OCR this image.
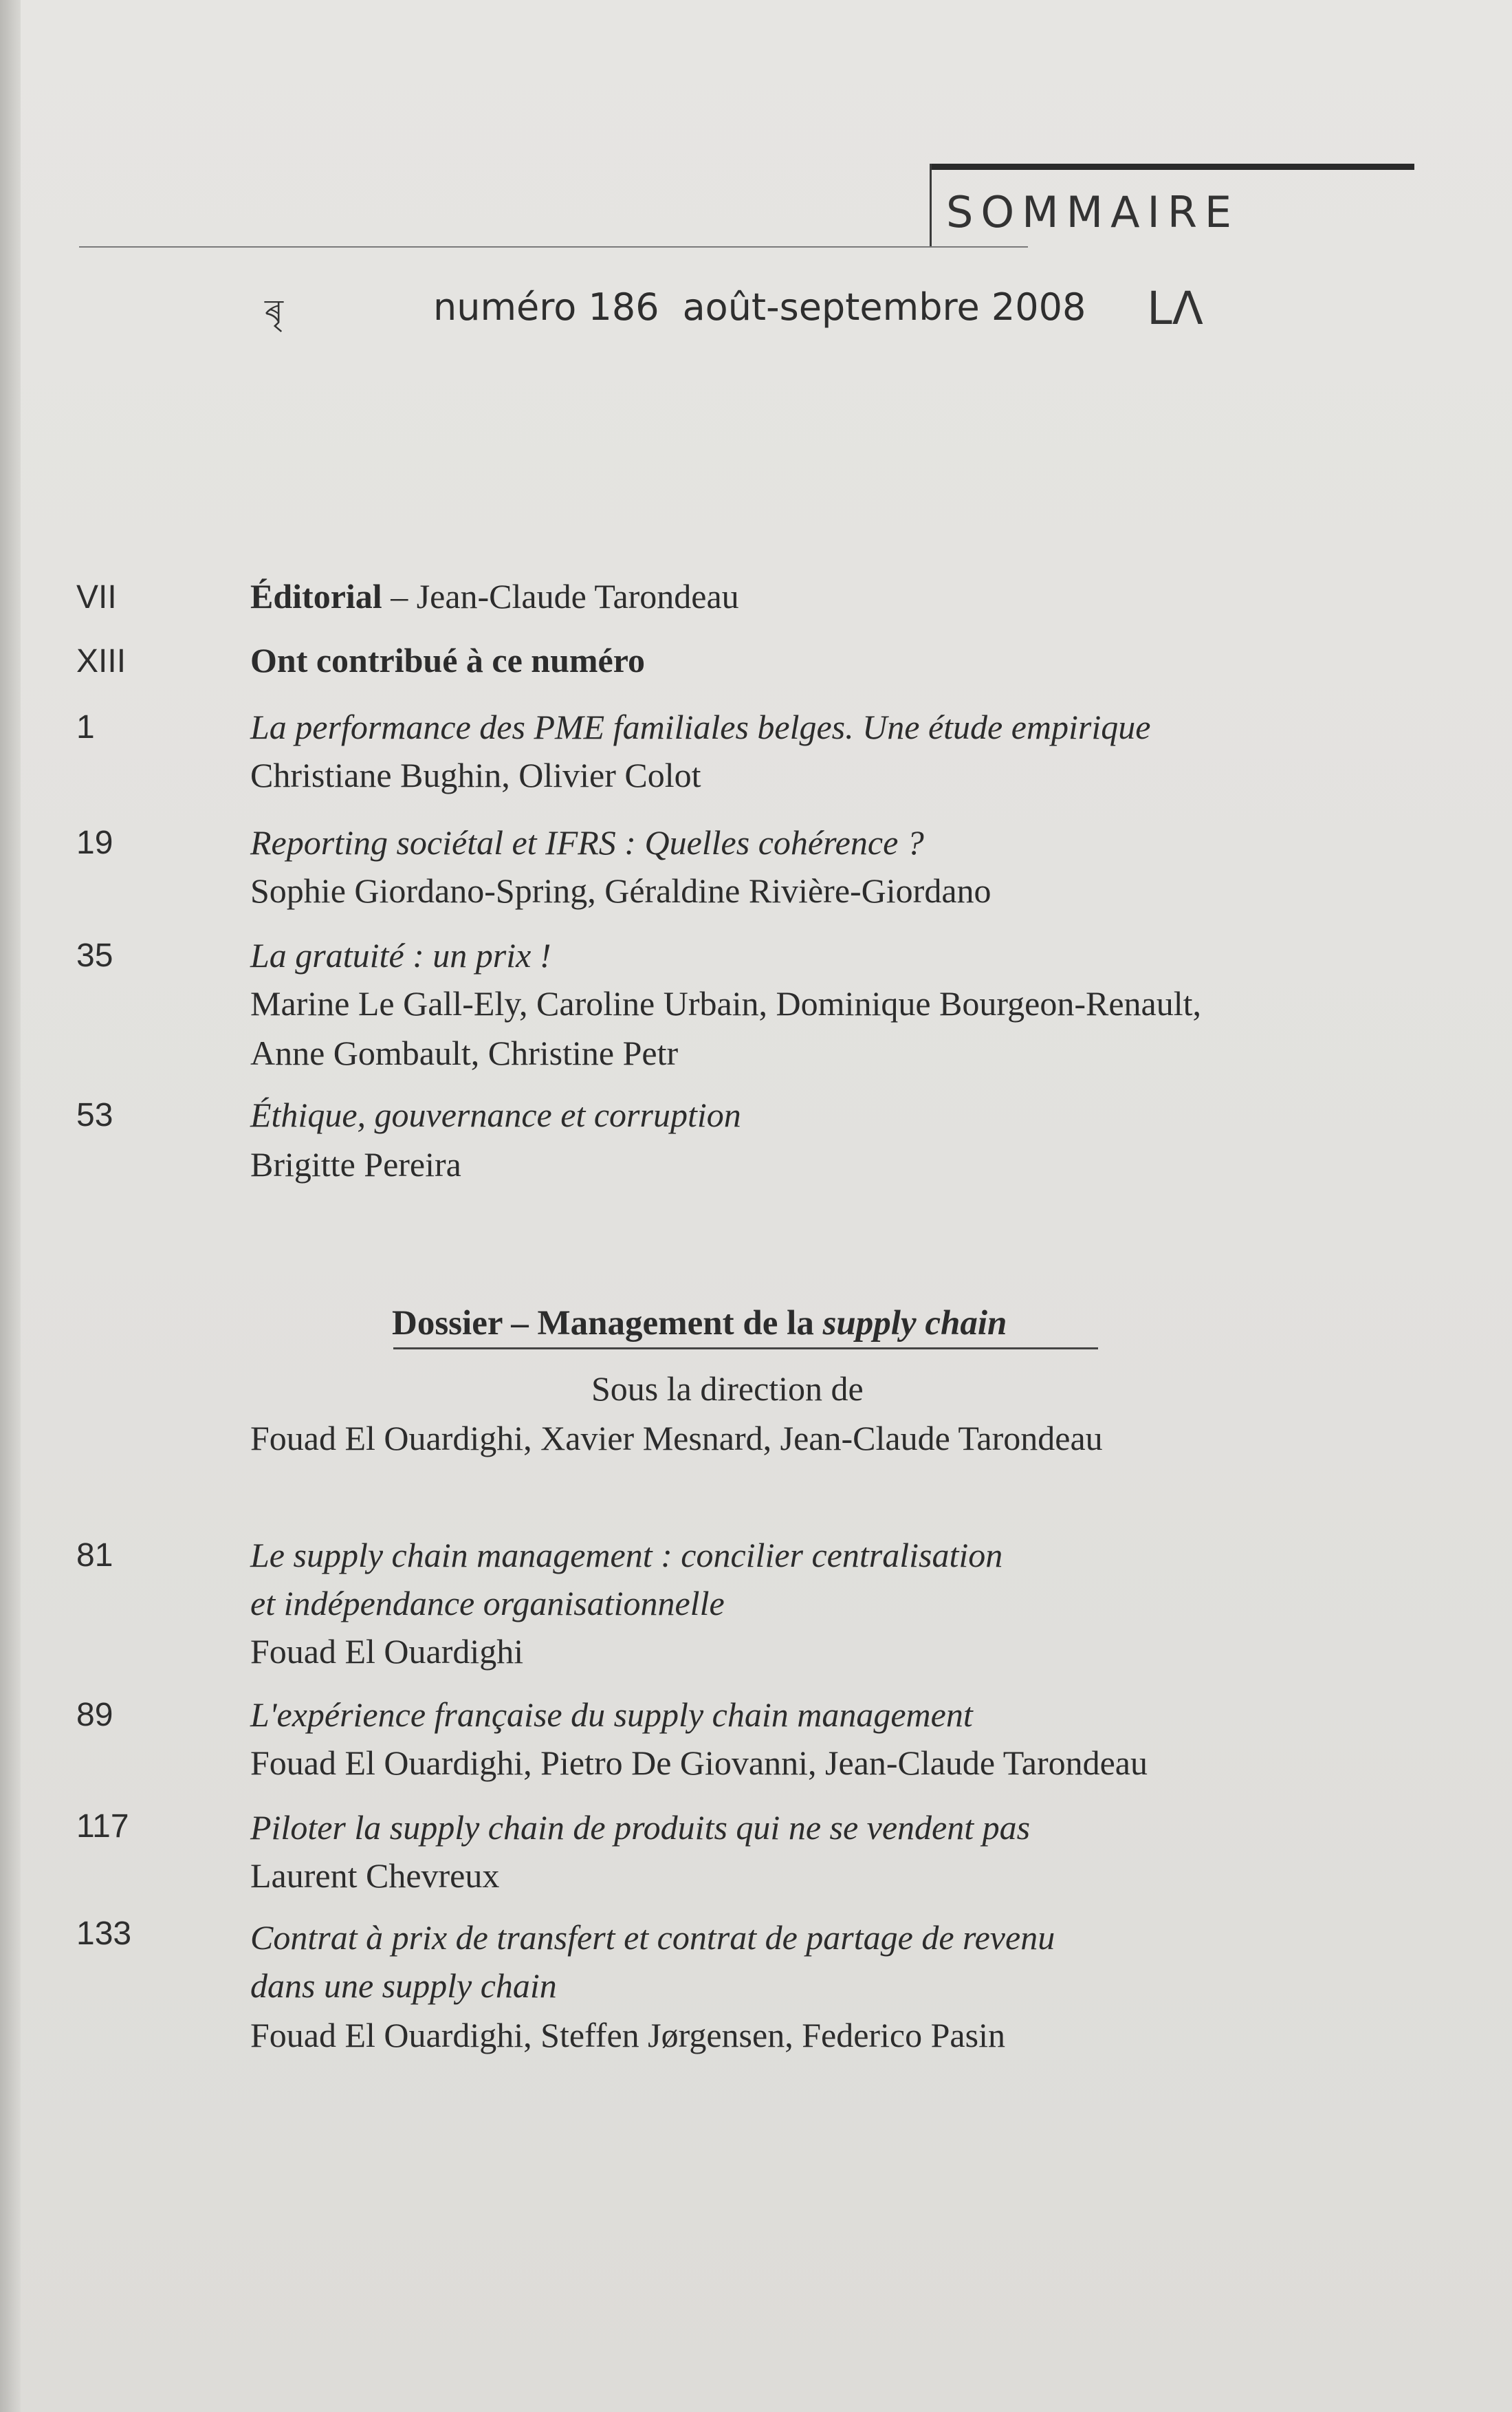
SOMMAIRE
ৰৃ	numéro 186 août-septembre 2008 LΛ
VII	Éditorial – Jean-Claude Tarondeau
XIII	Ont contribué à ce numéro
1	La performance des PME familiales belges. Une étude empirique
Christiane Bughin, Olivier Colot
19	Reporting sociétal et IFRS : Quelles cohérence ?
Sophie Giordano-Spring, Géraldine Rivière-Giordano
35	La gratuité : un prix !
Marine Le Gall-Ely, Caroline Urbain, Dominique Bourgeon-Renault,
Anne Gombault, Christine Petr
53	Éthique, gouvernance et corruption
Brigitte Pereira
Dossier – Management de la supply chain
Sous la direction de
Fouad El Ouardighi, Xavier Mesnard, Jean-Claude Tarondeau
81	Le supply chain management : concilier centralisation
et indépendance organisationnelle
Fouad El Ouardighi
89	L'expérience française du supply chain management
Fouad El Ouardighi, Pietro De Giovanni, Jean-Claude Tarondeau
117	Piloter la supply chain de produits qui ne se vendent pas
Laurent Chevreux
133	Contrat à prix de transfert et contrat de partage de revenu
dans une supply chain
Fouad El Ouardighi, Steffen Jørgensen, Federico Pasin
